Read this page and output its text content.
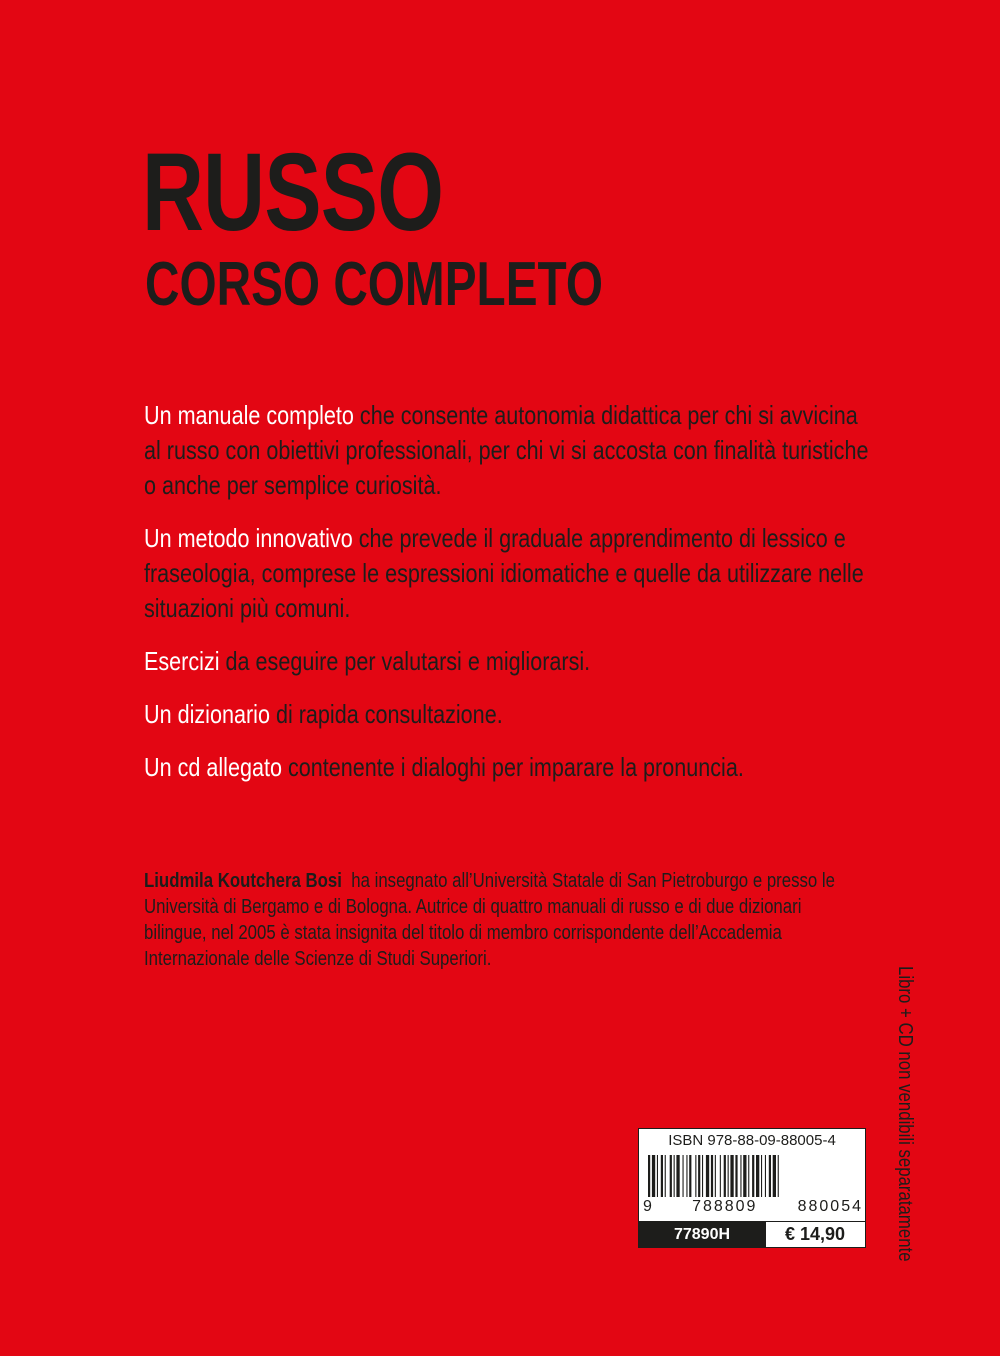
RUSSO
CORSO COMPLETO

Un manuale completo che consente autonomia didattica per chi si avvicina al russo con obiettivi professionali, per chi vi si accosta con finalità turistiche o anche per semplice curiosità.

Un metodo innovativo che prevede il graduale apprendimento di lessico e fraseologia, comprese le espressioni idiomatiche e quelle da utilizzare nelle situazioni più comuni.

Esercizi da eseguire per valutarsi e migliorarsi.

Un dizionario di rapida consultazione.

Un cd allegato contenente i dialoghi per imparare la pronuncia.

Liudmila Koutchera Bosi ha insegnato all’Università Statale di San Pietroburgo e presso le Università di Bergamo e di Bologna. Autrice di quattro manuali di russo e di due dizionari bilingue, nel 2005 è stata insignita del titolo di membro corrispondente dell’Accademia Internazionale delle Scienze di Studi Superiori.

Libro + CD non vendibili separatamente
ISBN 978-88-09-88005-4
9	788809	880054
77890H	€ 14,90
